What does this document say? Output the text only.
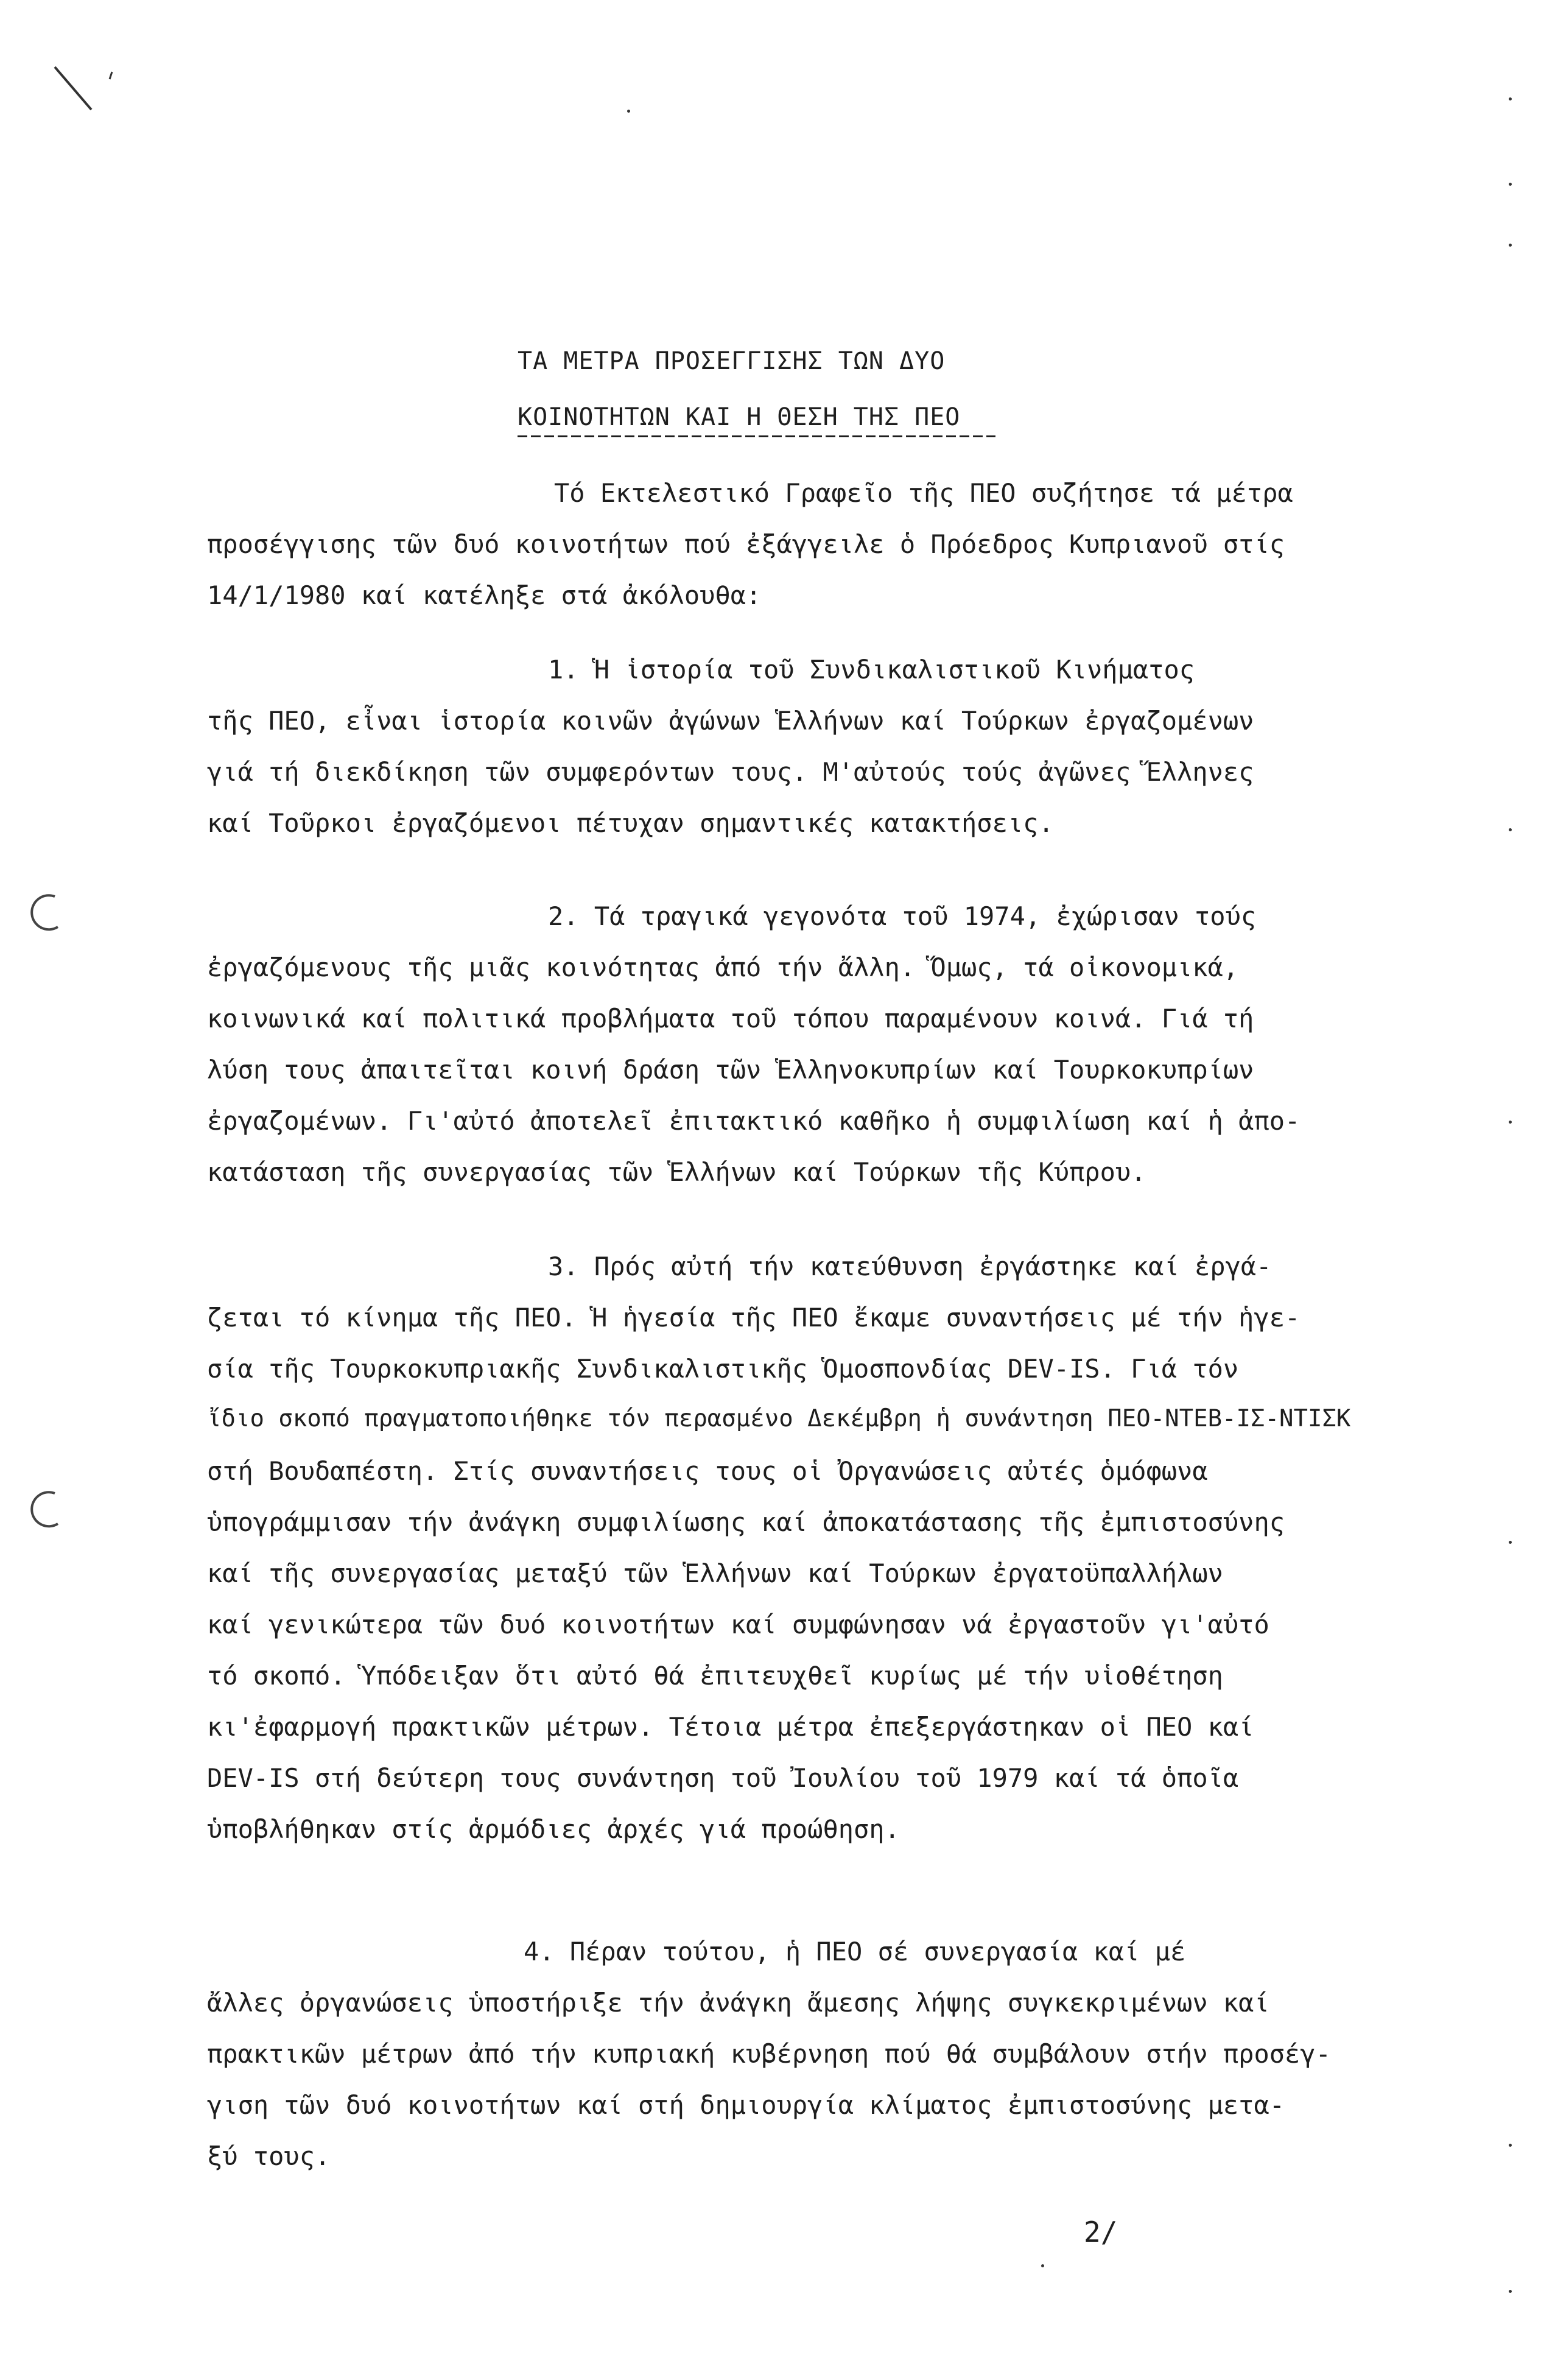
ΤΑ ΜΕΤΡΑ ΠΡΟΣΕΓΓΙΣΗΣ ΤΩΝ ΔΥΟ
ΚΟΙΝΟΤΗΤΩΝ ΚΑΙ Η ΘΕΣΗ ΤΗΣ ΠΕΟ
Τό Εκτελεστικό Γραφεῖο τῆς ΠΕΟ συζήτησε τά μέτρα
προσέγγισης τῶν δυό κοινοτήτων πού ἐξάγγειλε ὁ Πρόεδρος Κυπριανοῦ στίς
14/1/1980 καί κατέληξε στά ἀκόλουθα:
1. Ἡ ἱστορία τοῦ Συνδικαλιστικοῦ Κινήματος
τῆς ΠΕΟ, εἶναι ἱστορία κοινῶν ἀγώνων Ἑλλήνων καί Τούρκων ἐργαζομένων
γιά τή διεκδίκηση τῶν συμφερόντων τους. Μ'αὐτούς τούς ἀγῶνες Ἕλληνες
καί Τοῦρκοι ἐργαζόμενοι πέτυχαν σημαντικές κατακτήσεις.
2. Τά τραγικά γεγονότα τοῦ 1974, ἐχώρισαν τούς
ἐργαζόμενους τῆς μιᾶς κοινότητας ἀπό τήν ἄλλη. Ὅμως, τά οἰκονομικά,
κοινωνικά καί πολιτικά προβλήματα τοῦ τόπου παραμένουν κοινά. Γιά τή
λύση τους ἀπαιτεῖται κοινή δράση τῶν Ἑλληνοκυπρίων καί Τουρκοκυπρίων
ἐργαζομένων. Γι'αὐτό ἀποτελεῖ ἐπιτακτικό καθῆκο ἡ συμφιλίωση καί ἡ ἀπο-
κατάσταση τῆς συνεργασίας τῶν Ἑλλήνων καί Τούρκων τῆς Κύπρου.
3. Πρός αὐτή τήν κατεύθυνση ἐργάστηκε καί ἐργά-
ζεται τό κίνημα τῆς ΠΕΟ. Ἡ ἡγεσία τῆς ΠΕΟ ἔκαμε συναντήσεις μέ τήν ἡγε-
σία τῆς Τουρκοκυπριακῆς Συνδικαλιστικῆς Ὁμοσπονδίας DEV-IS. Γιά τόν
ἴδιο σκοπό πραγματοποιήθηκε τόν περασμένο Δεκέμβρη ἡ συνάντηση ΠΕΟ-ΝΤΕΒ-ΙΣ-ΝΤΙΣΚ
στή Βουδαπέστη. Στίς συναντήσεις τους οἱ Ὀργανώσεις αὐτές ὁμόφωνα
ὑπογράμμισαν τήν ἀνάγκη συμφιλίωσης καί ἀποκατάστασης τῆς ἐμπιστοσύνης
καί τῆς συνεργασίας μεταξύ τῶν Ἑλλήνων καί Τούρκων ἐργατοϋπαλλήλων
καί γενικώτερα τῶν δυό κοινοτήτων καί συμφώνησαν νά ἐργαστοῦν γι'αὐτό
τό σκοπό. Ὑπόδειξαν ὅτι αὐτό θά ἐπιτευχθεῖ κυρίως μέ τήν υἱοθέτηση
κι'ἐφαρμογή πρακτικῶν μέτρων. Τέτοια μέτρα ἐπεξεργάστηκαν οἱ ΠΕΟ καί
DEV-IS στή δεύτερη τους συνάντηση τοῦ Ἰουλίου τοῦ 1979 καί τά ὁποῖα
ὑποβλήθηκαν στίς ἁρμόδιες ἀρχές γιά προώθηση.
4. Πέραν τούτου, ἡ ΠΕΟ σέ συνεργασία καί μέ
ἄλλες ὀργανώσεις ὑποστήριξε τήν ἀνάγκη ἄμεσης λήψης συγκεκριμένων καί
πρακτικῶν μέτρων ἀπό τήν κυπριακή κυβέρνηση πού θά συμβάλουν στήν προσέγ-
γιση τῶν δυό κοινοτήτων καί στή δημιουργία κλίματος ἐμπιστοσύνης μετα-
ξύ τους.
2/
